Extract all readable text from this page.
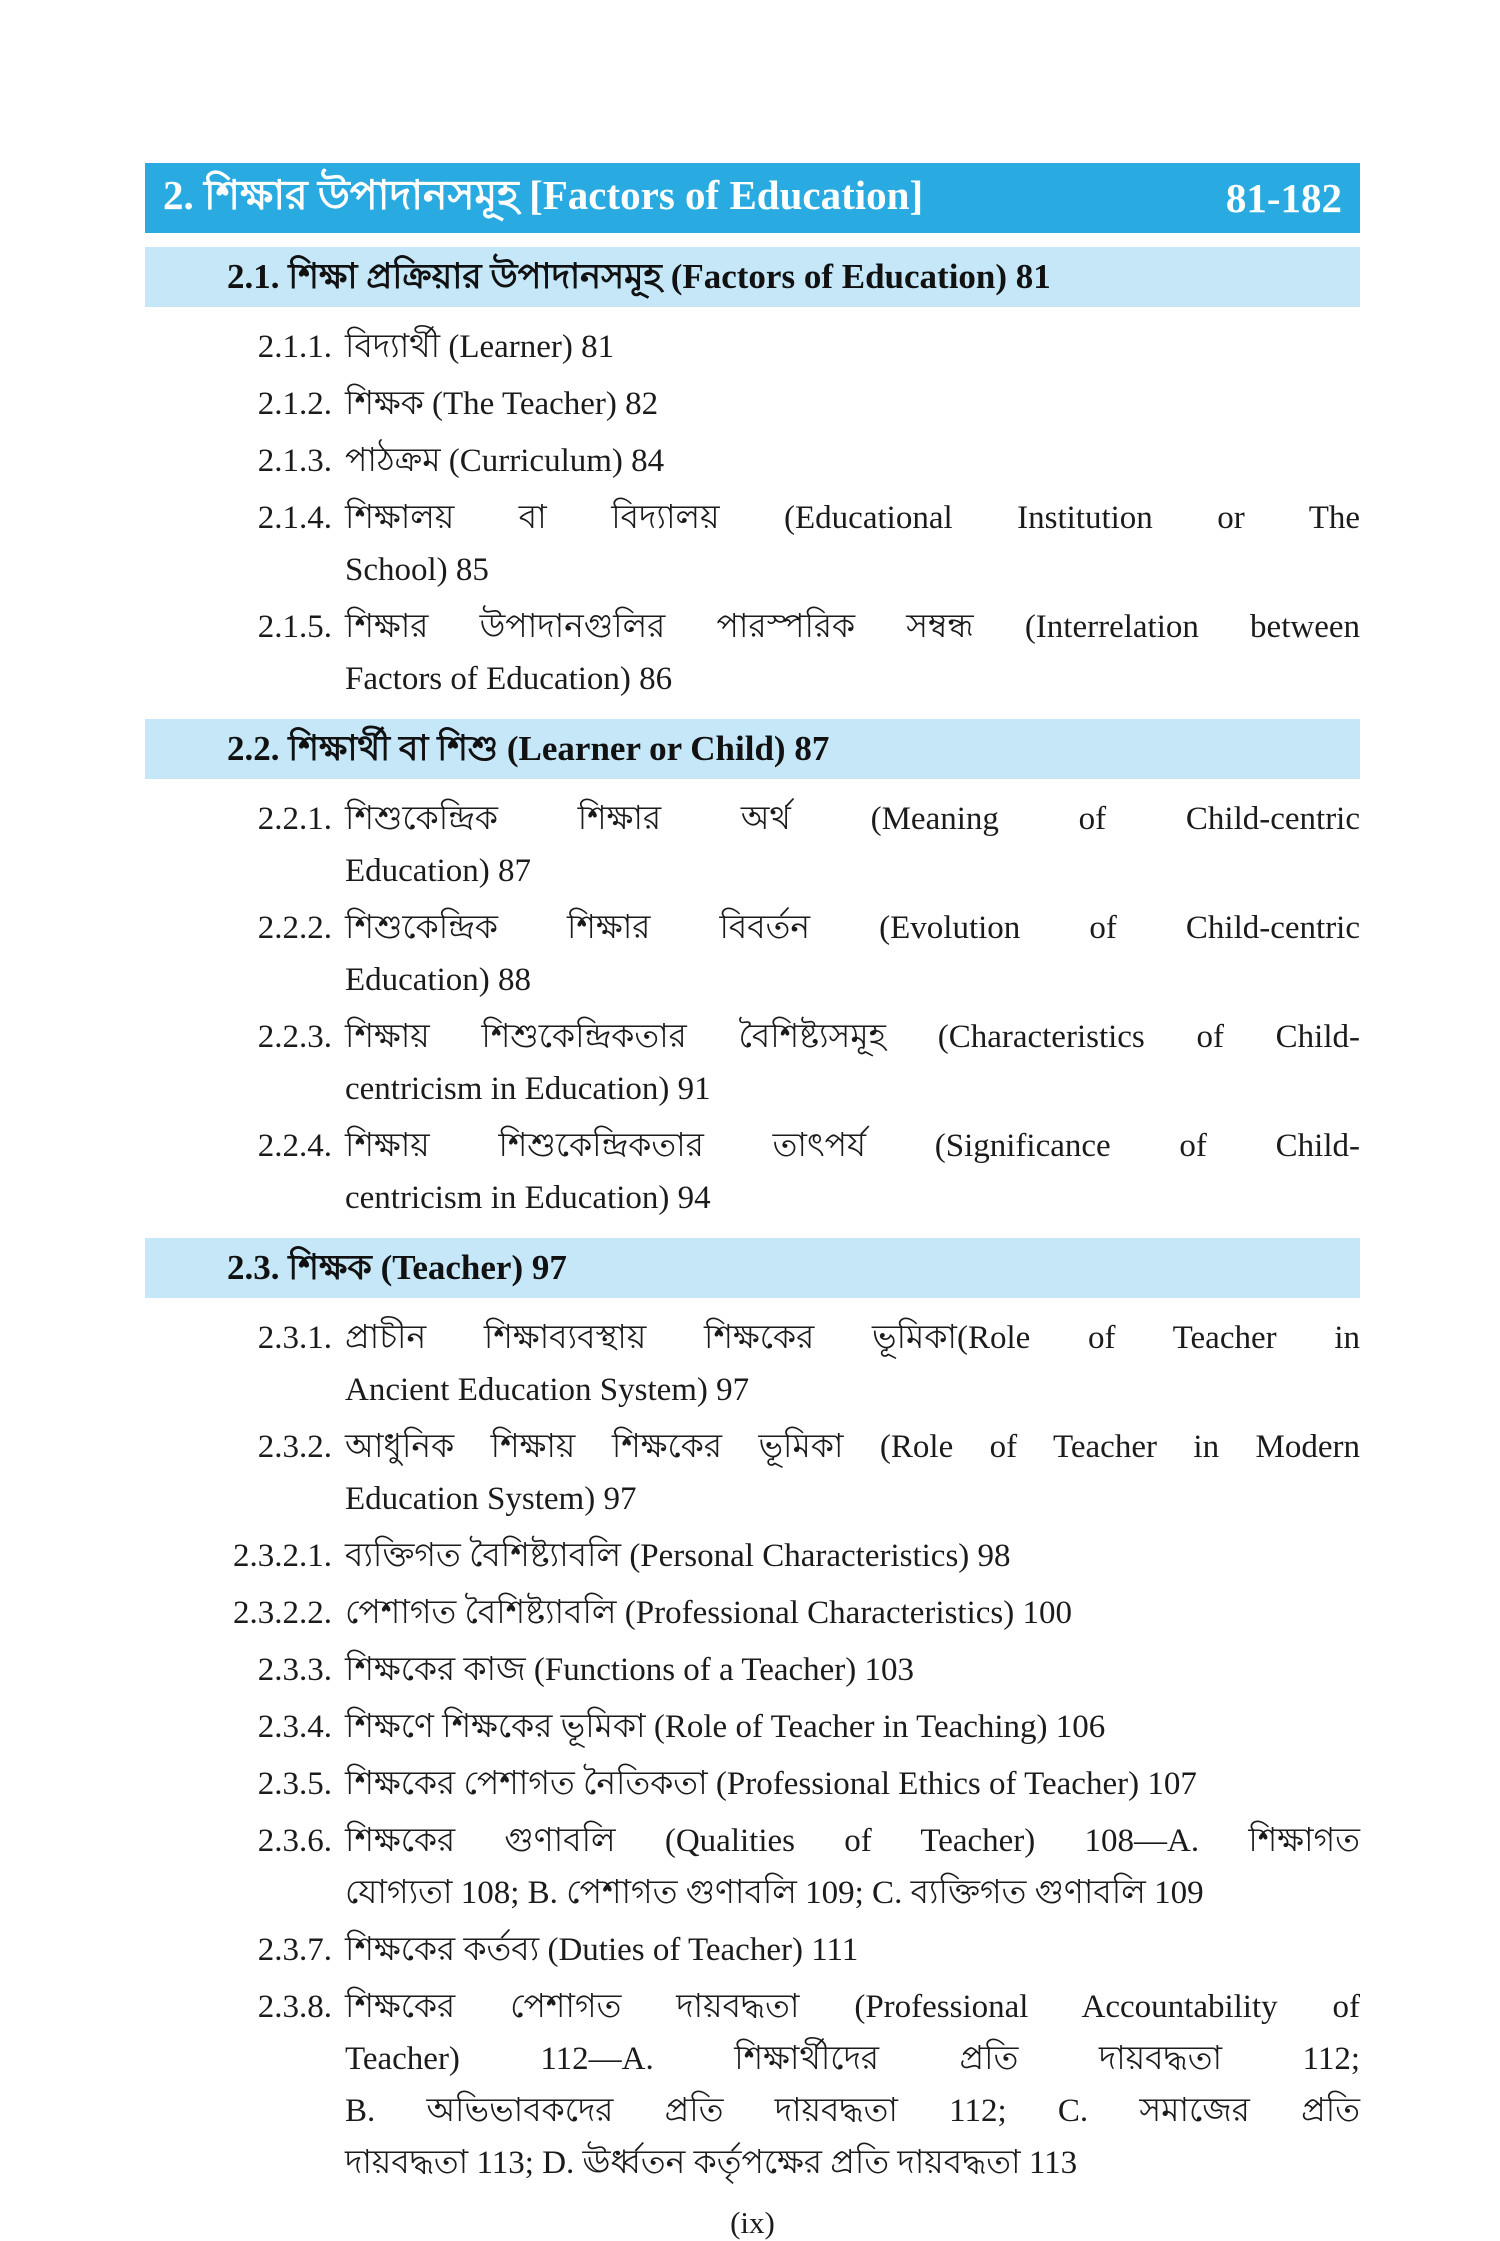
2. শিক্ষার উপাদানসমূহ [Factors of Education]	81-182
2.1. শিক্ষা প্রক্রিয়ার উপাদানসমূহ (Factors of Education) 81
2.1.1. বিদ্যার্থী (Learner) 81
2.1.2. শিক্ষক (The Teacher) 82
2.1.3. পাঠক্রম (Curriculum) 84
2.1.4. শিক্ষালয় বা বিদ্যালয় (Educational Institution or The
School) 85
2.1.5. শিক্ষার উপাদানগুলির পারস্পরিক সম্বন্ধ (Interrelation between
Factors of Education) 86
2.2. শিক্ষার্থী বা শিশু (Learner or Child) 87
2.2.1. শিশুকেন্দ্রিক শিক্ষার অর্থ (Meaning of Child-centric
Education) 87
2.2.2. শিশুকেন্দ্রিক শিক্ষার বিবর্তন (Evolution of Child-centric
Education) 88
2.2.3. শিক্ষায় শিশুকেন্দ্রিকতার বৈশিষ্ট্যসমূহ (Characteristics of Child-
centricism in Education) 91
2.2.4. শিক্ষায় শিশুকেন্দ্রিকতার তাৎপর্য (Significance of Child-
centricism in Education) 94
2.3. শিক্ষক (Teacher) 97
2.3.1. প্রাচীন শিক্ষাব্যবস্থায় শিক্ষকের ভূমিকা(Role of Teacher in
Ancient Education System) 97
2.3.2. আধুনিক শিক্ষায় শিক্ষকের ভূমিকা (Role of Teacher in Modern
Education System) 97
2.3.2.1. ব্যক্তিগত বৈশিষ্ট্যাবলি (Personal Characteristics) 98
2.3.2.2. পেশাগত বৈশিষ্ট্যাবলি (Professional Characteristics) 100
2.3.3. শিক্ষকের কাজ (Functions of a Teacher) 103
2.3.4. শিক্ষণে শিক্ষকের ভূমিকা (Role of Teacher in Teaching) 106
2.3.5. শিক্ষকের পেশাগত নৈতিকতা (Professional Ethics of Teacher) 107
2.3.6. শিক্ষকের গুণাবলি (Qualities of Teacher) 108—A. শিক্ষাগত
যোগ্যতা 108; B. পেশাগত গুণাবলি 109; C. ব্যক্তিগত গুণাবলি 109
2.3.7. শিক্ষকের কর্তব্য (Duties of Teacher) 111
2.3.8. শিক্ষকের পেশাগত দায়বদ্ধতা (Professional Accountability of
Teacher) 112—A. শিক্ষার্থীদের প্রতি দায়বদ্ধতা 112;
B. অভিভাবকদের প্রতি দায়বদ্ধতা 112; C. সমাজের প্রতি
দায়বদ্ধতা 113; D. ঊর্ধ্বতন কর্তৃপক্ষের প্রতি দায়বদ্ধতা 113
(ix)
